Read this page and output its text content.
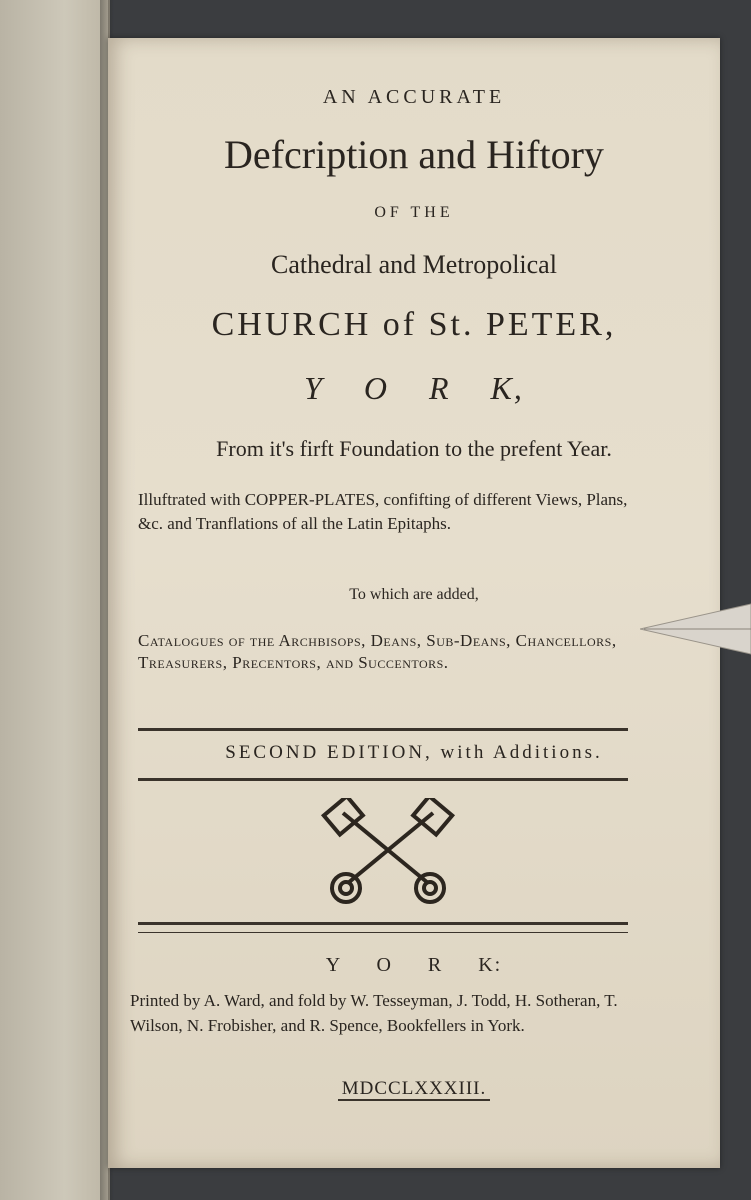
AN ACCURATE
Defcription and Hiftory
OF THE
Cathedral and Metropolical
CHURCH of St. PETER,
Y O R K,
From it's firft Foundation to the prefent Year.
Illuftrated with COPPER-PLATES, confifting of different Views, Plans, &c. and Tranflations of all the Latin Epitaphs.
To which are added,
Catalogues of the Archbisops, Deans, Sub-Deans, Chancellors, Treasurers, Precentors, and Succentors.
SECOND EDITION, with Additions.
Y O R K:
Printed by A. Ward, and fold by W. Tesseyman, J. Todd, H. Sotheran, T. Wilson, N. Frobisher, and R. Spence, Bookfellers in York.
MDCCLXXXIII.
